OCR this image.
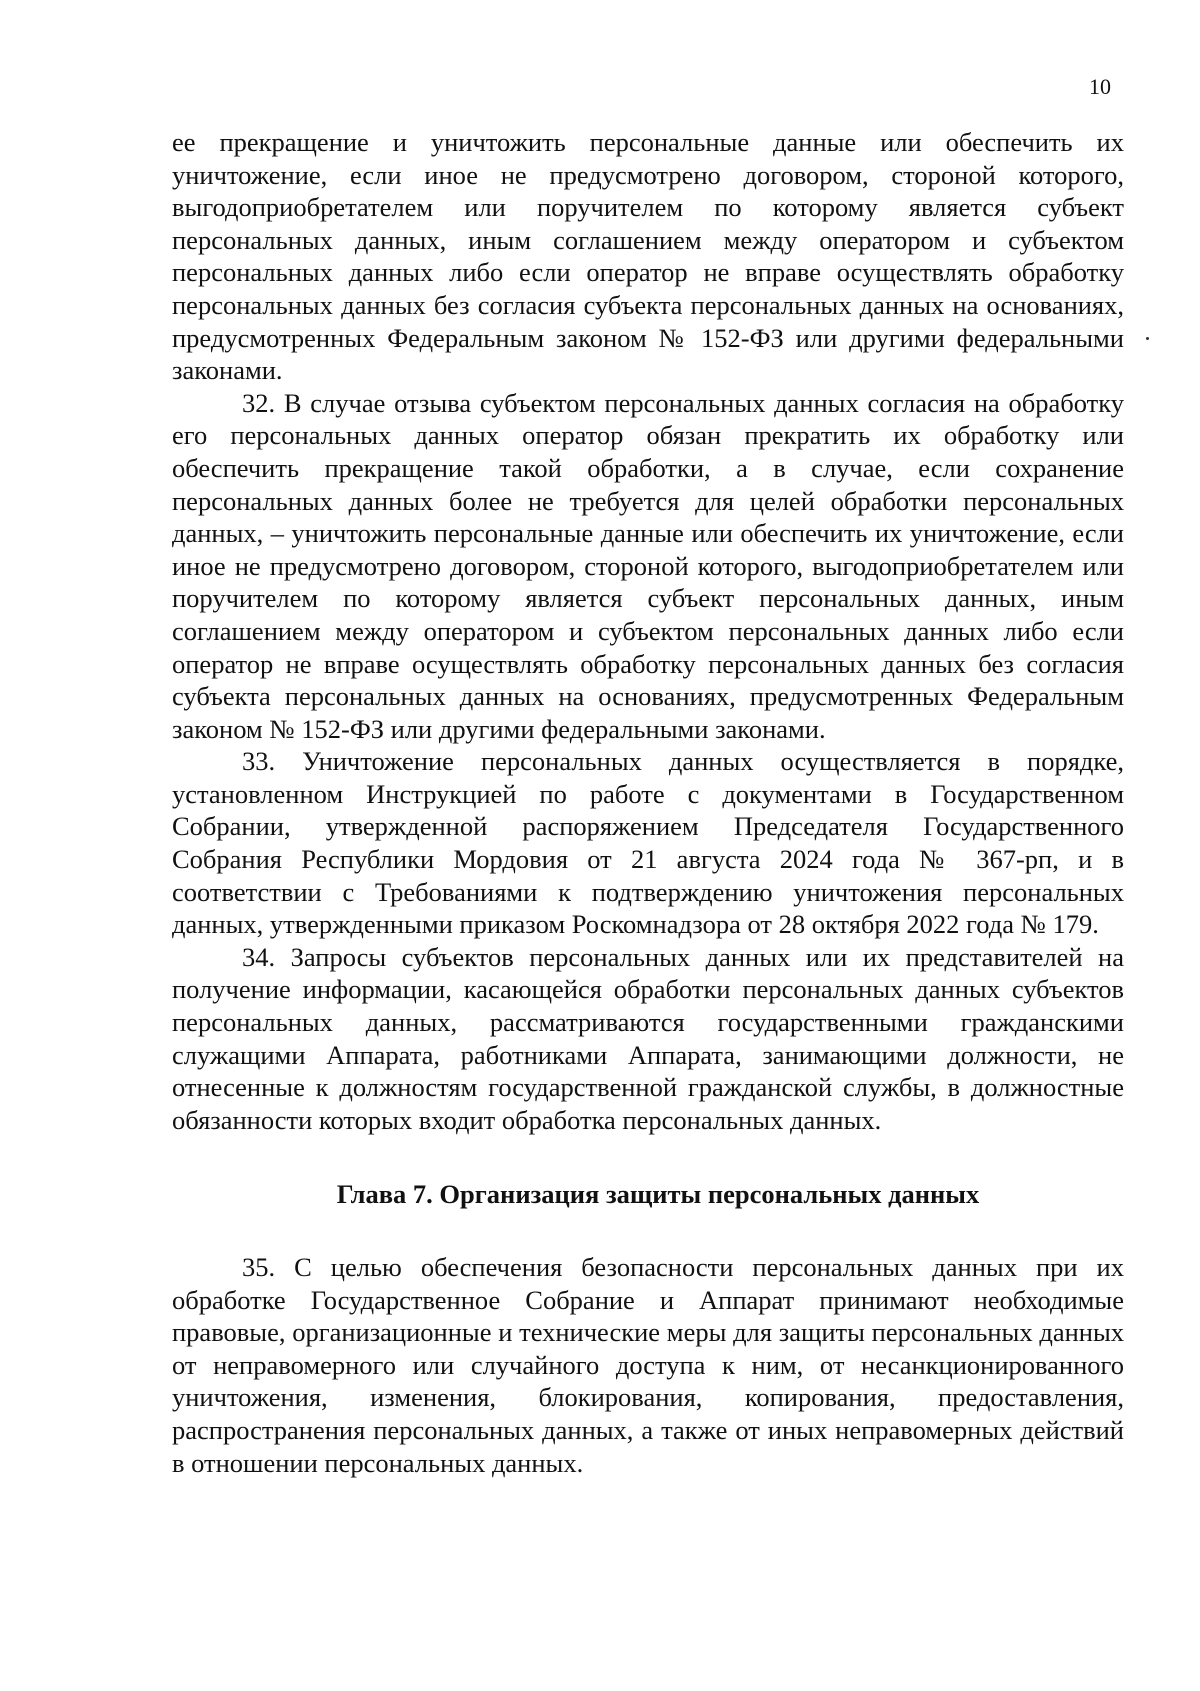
10

ее прекращение и уничтожить персональные данные или обеспечить их уничтожение, если иное не предусмотрено договором, стороной которого, выгодоприобретателем или поручителем по которому является субъект персональных данных, иным соглашением между оператором и субъектом персональных данных либо если оператор не вправе осуществлять обработку персональных данных без согласия субъекта персональных данных на основаниях, предусмотренных Федеральным законом № 152-ФЗ или другими федеральными законами.

32. В случае отзыва субъектом персональных данных согласия на обработку его персональных данных оператор обязан прекратить их обработку или обеспечить прекращение такой обработки, а в случае, если сохранение персональных данных более не требуется для целей обработки персональных данных, – уничтожить персональные данные или обеспечить их уничтожение, если иное не предусмотрено договором, стороной которого, выгодоприобретателем или поручителем по которому является субъект персональных данных, иным соглашением между оператором и субъектом персональных данных либо если оператор не вправе осуществлять обработку персональных данных без согласия субъекта персональных данных на основаниях, предусмотренных Федеральным законом № 152-ФЗ или другими федеральными законами.

33. Уничтожение персональных данных осуществляется в порядке, установленном Инструкцией по работе с документами в Государственном Собрании, утвержденной распоряжением Председателя Государственного Собрания Республики Мордовия от 21 августа 2024 года № 367-рп, и в соответствии с Требованиями к подтверждению уничтожения персональных данных, утвержденными приказом Роскомнадзора от 28 октября 2022 года № 179.

34. Запросы субъектов персональных данных или их представителей на получение информации, касающейся обработки персональных данных субъектов персональных данных, рассматриваются государственными гражданскими служащими Аппарата, работниками Аппарата, занимающими должности, не отнесенные к должностям государственной гражданской службы, в должностные обязанности которых входит обработка персональных данных.

Глава 7. Организация защиты персональных данных

35. С целью обеспечения безопасности персональных данных при их обработке Государственное Собрание и Аппарат принимают необходимые правовые, организационные и технические меры для защиты персональных данных от неправомерного или случайного доступа к ним, от несанкционированного уничтожения, изменения, блокирования, копирования, предоставления, распространения персональных данных, а также от иных неправомерных действий в отношении персональных данных.
